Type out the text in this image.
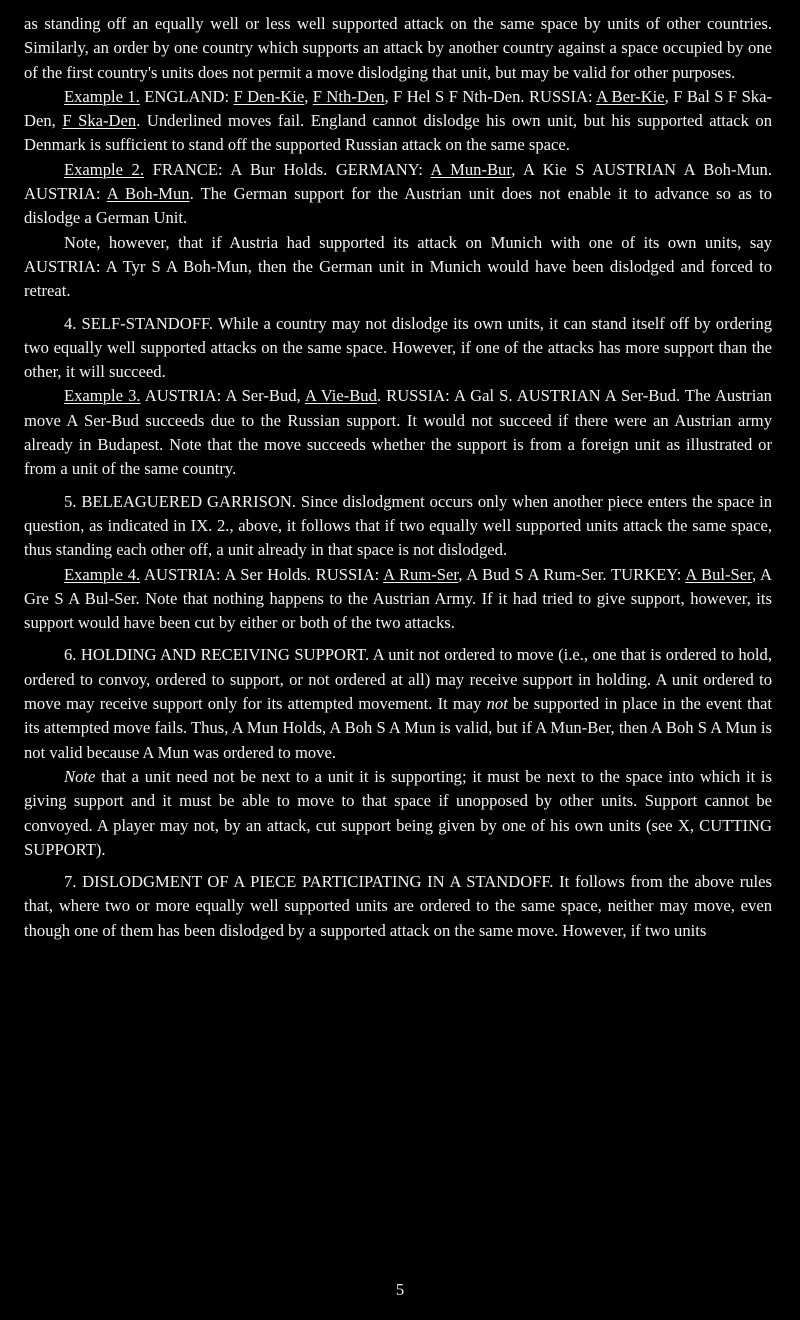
as standing off an equally well or less well supported attack on the same space by units of other countries. Similarly, an order by one country which supports an attack by another country against a space occupied by one of the first country's units does not permit a move dislodging that unit, but may be valid for other purposes.

Example 1. ENGLAND: F Den-Kie, F Nth-Den, F Hel S F Nth-Den. RUSSIA: A Ber-Kie, F Bal S F Ska-Den, F Ska-Den. Underlined moves fail. England cannot dislodge his own unit, but his supported attack on Denmark is sufficient to stand off the supported Russian attack on the same space.

Example 2. FRANCE: A Bur Holds. GERMANY: A Mun-Bur, A Kie S AUSTRIAN A Boh-Mun. AUSTRIA: A Boh-Mun. The German support for the Austrian unit does not enable it to advance so as to dislodge a German Unit.

Note, however, that if Austria had supported its attack on Munich with one of its own units, say AUSTRIA: A Tyr S A Boh-Mun, then the German unit in Munich would have been dislodged and forced to retreat.

4. SELF-STANDOFF. While a country may not dislodge its own units, it can stand itself off by ordering two equally well supported attacks on the same space. However, if one of the attacks has more support than the other, it will succeed.

Example 3. AUSTRIA: A Ser-Bud, A Vie-Bud. RUSSIA: A Gal S. AUSTRIAN A Ser-Bud. The Austrian move A Ser-Bud succeeds due to the Russian support. It would not succeed if there were an Austrian army already in Budapest. Note that the move succeeds whether the support is from a foreign unit as illustrated or from a unit of the same country.

5. BELEAGUERED GARRISON. Since dislodgment occurs only when another piece enters the space in question, as indicated in IX. 2., above, it follows that if two equally well supported units attack the same space, thus standing each other off, a unit already in that space is not dislodged.

Example 4. AUSTRIA: A Ser Holds. RUSSIA: A Rum-Ser, A Bud S A Rum-Ser. TURKEY: A Bul-Ser, A Gre S A Bul-Ser. Note that nothing happens to the Austrian Army. If it had tried to give support, however, its support would have been cut by either or both of the two attacks.

6. HOLDING AND RECEIVING SUPPORT. A unit not ordered to move (i.e., one that is ordered to hold, ordered to convoy, ordered to support, or not ordered at all) may receive support in holding. A unit ordered to move may receive support only for its attempted movement. It may not be supported in place in the event that its attempted move fails. Thus, A Mun Holds, A Boh S A Mun is valid, but if A Mun-Ber, then A Boh S A Mun is not valid because A Mun was ordered to move.

Note that a unit need not be next to a unit it is supporting; it must be next to the space into which it is giving support and it must be able to move to that space if unopposed by other units. Support cannot be convoyed. A player may not, by an attack, cut support being given by one of his own units (see X, CUTTING SUPPORT).

7. DISLODGMENT OF A PIECE PARTICIPATING IN A STANDOFF. It follows from the above rules that, where two or more equally well supported units are ordered to the same space, neither may move, even though one of them has been dislodged by a supported attack on the same move. However, if two units

5
